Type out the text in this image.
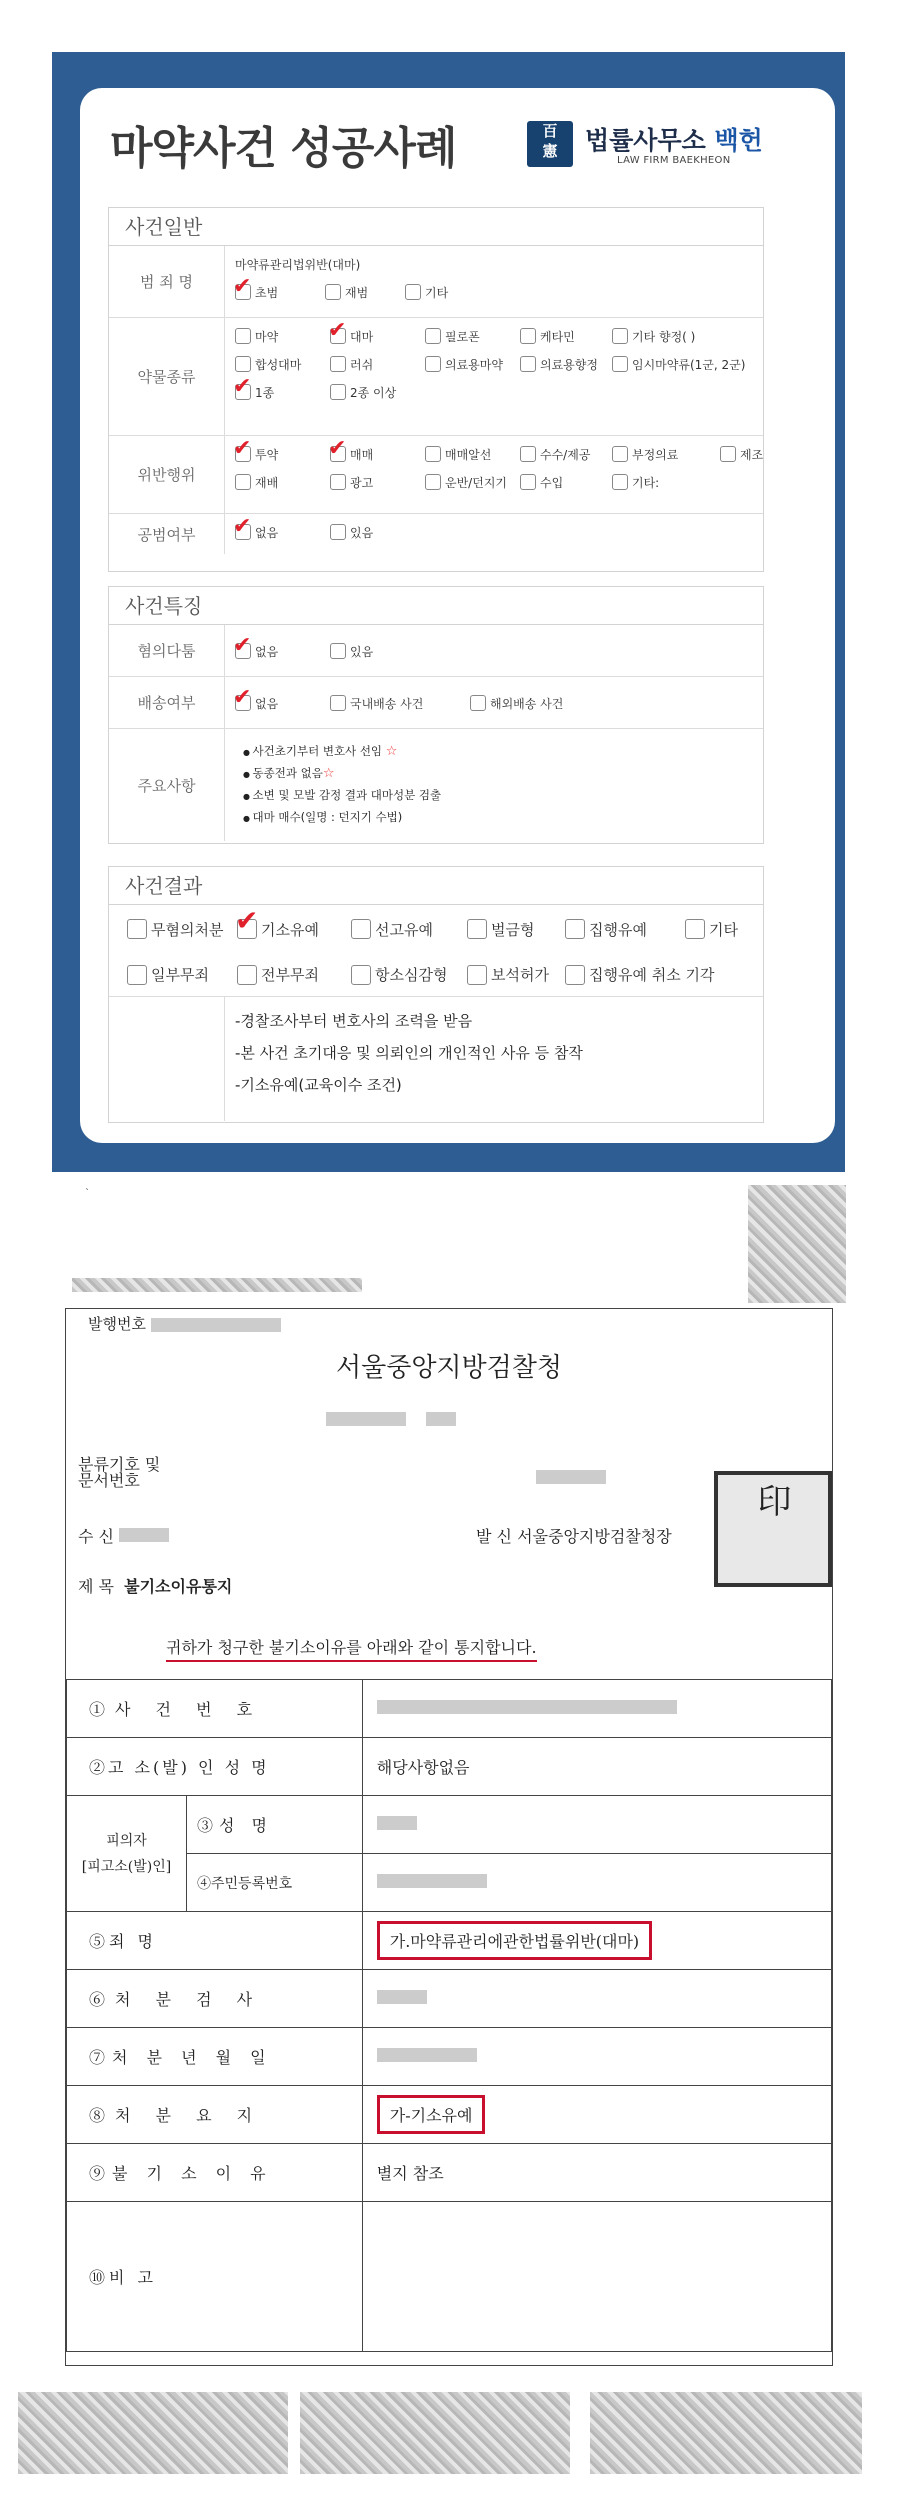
마약사건 성공사례	百
憲	법률사무소 백헌
LAW FIRM BAEKHEON
사건일반
범 죄 명
마약류관리법위반(대마)
✔ 초범	재범	기타
약물종류
마약 ✔ 대마	필로폰	케타민	기타 향정( )
합성대마	러쉬	의료용마약	의료용향정	임시마약류(1군, 2군)
✔ 1종	2종 이상
위반행위
✔ 투약 ✔ 매매	매매알선	수수/제공	부정의료	제조
재배	광고	운반/던지기	수입	기타:
공범여부	✔ 없음	있음
사건특징
혐의다툼	✔ 없음	있음
배송여부	✔ 없음	국내배송 사건	해외배송 사건
주요사항
● 사건초기부터 변호사 선임 ☆
● 동종전과 없음☆
● 소변 및 모발 감정 결과 대마성분 검출
● 대마 매수(일명 : 던지기 수법)
사건결과
무혐의처분 ✔ 기소유예	선고유예	벌금형	집행유예	기타
일부무죄	전부무죄	항소심감형	보석허가	집행유예 취소 기각
-경찰조사부터 변호사의 조력을 받음
-본 사건 초기대응 및 의뢰인의 개인적인 사유 등 참작
-기소유예(교육이수 조건)
`
발행번호
서울중앙지방검찰청

분류기호 및
문서번호
수 신	발 신 서울중앙지방검찰청장
제 목 불기소이유통지
印
귀하가 청구한 불기소이유를 아래와 같이 통지합니다.
①사 건 번 호		
②고 소(발) 인 성 명		해당사항없음
피의자
[피고소(발)인]	③성 명	
	④주민등록번호	
⑤죄 명		가.마약류관리에관한법률위반(대마)
⑥처 분 검 사		
⑦처 분 년 월 일		
⑧처 분 요 지		가-기소유예
⑨불 기 소 이 유		별지 참조
⑩비 고		
